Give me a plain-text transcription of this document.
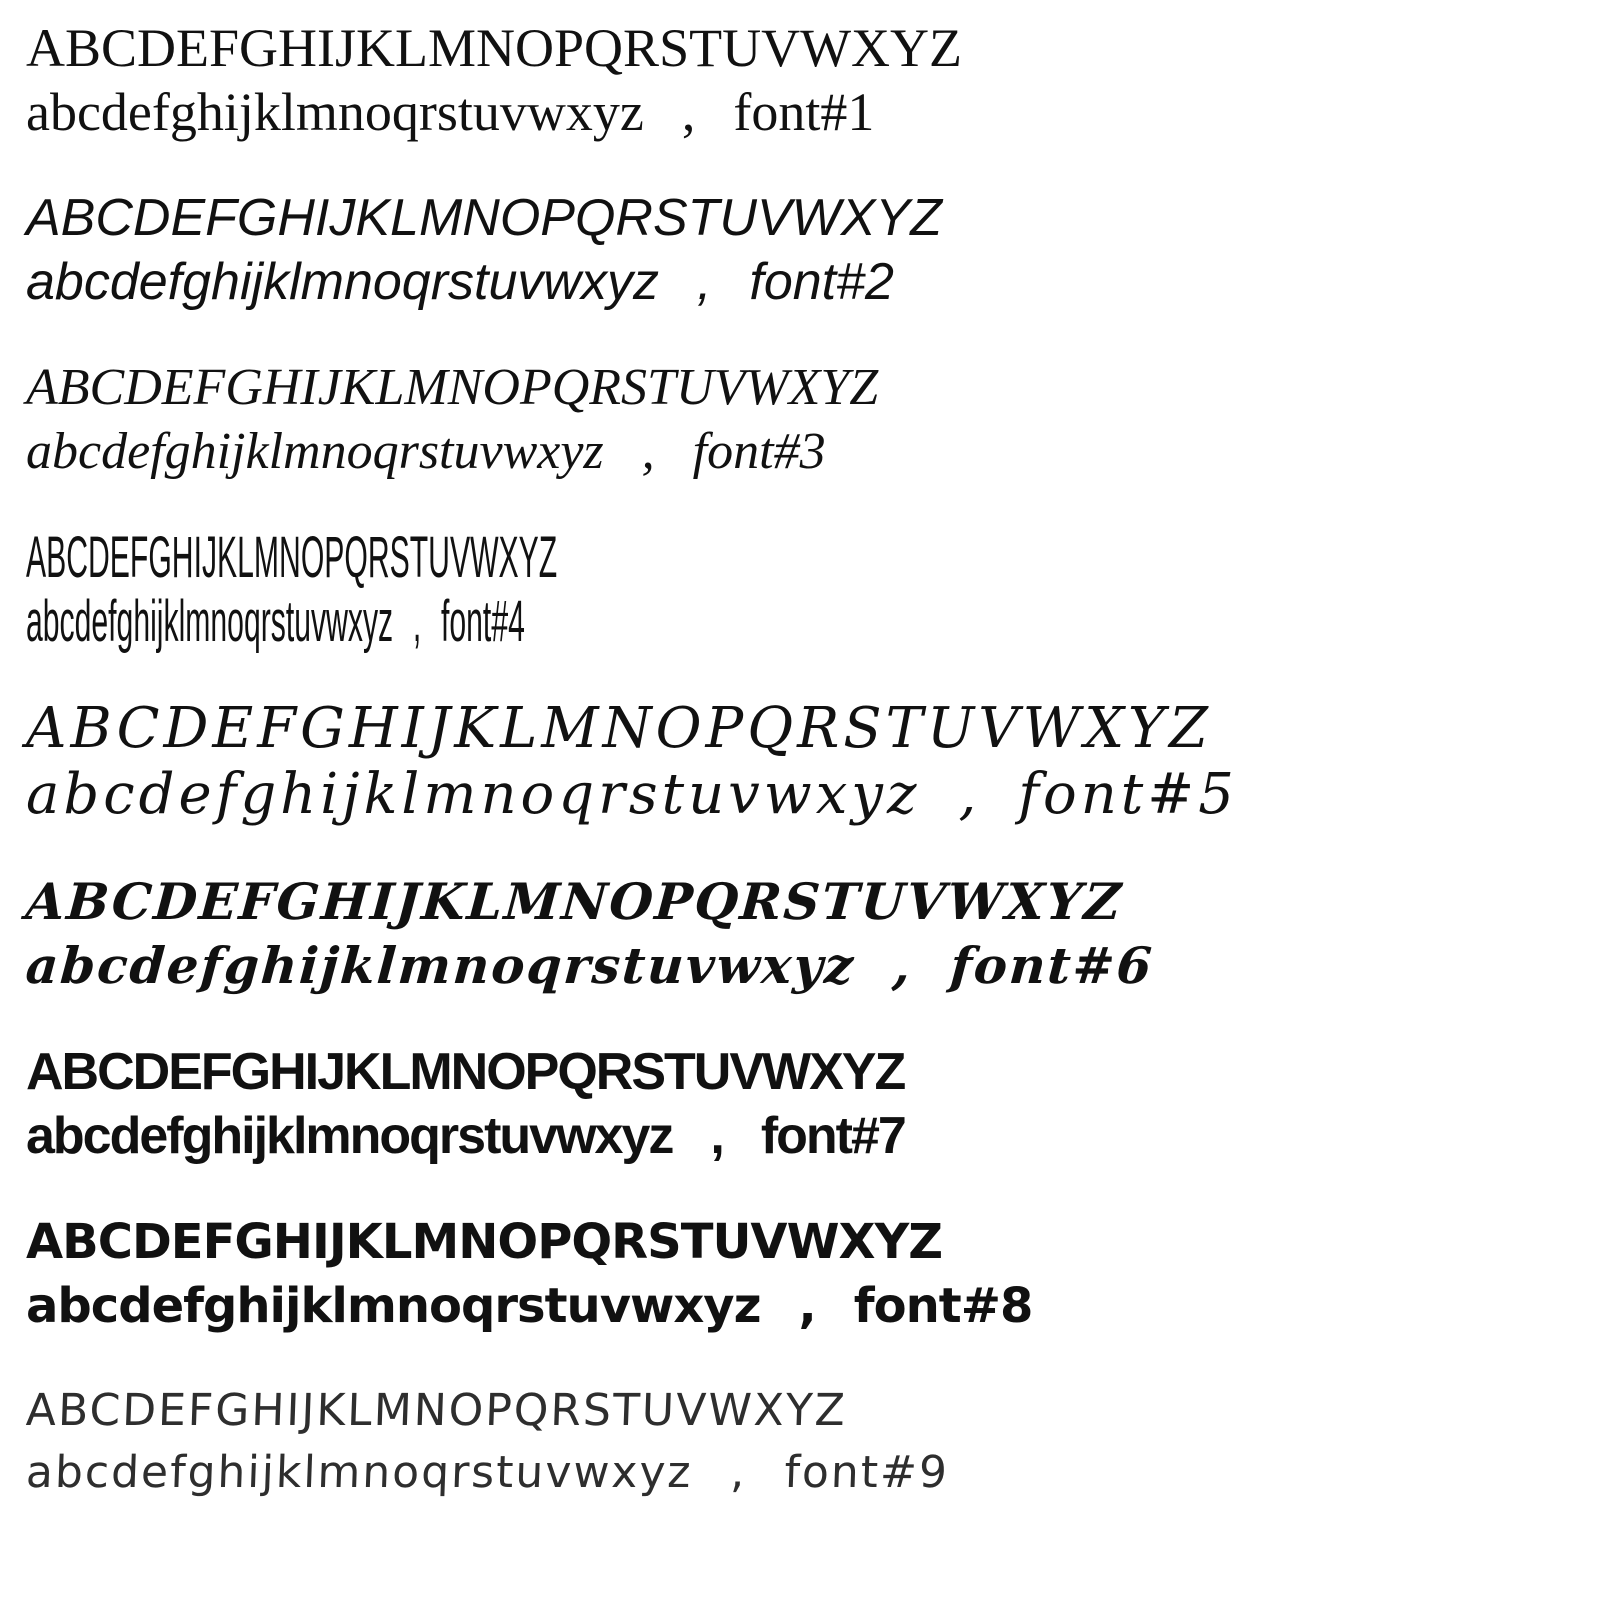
ABCDEFGHIJKLMNOPQRSTUVWXYZ
abcdefghijklmnoqrstuvwxyz , font#1
ABCDEFGHIJKLMNOPQRSTUVWXYZ
abcdefghijklmnoqrstuvwxyz , font#2
ABCDEFGHIJKLMNOPQRSTUVWXYZ
abcdefghijklmnoqrstuvwxyz , font#3
ABCDEFGHIJKLMNOPQRSTUVWXYZ
abcdefghijklmnoqrstuvwxyz , font#4
ABCDEFGHIJKLMNOPQRSTUVWXYZ
abcdefghijklmnoqrstuvwxyz , font#5
ABCDEFGHIJKLMNOPQRSTUVWXYZ
abcdefghijklmnoqrstuvwxyz , font#6
ABCDEFGHIJKLMNOPQRSTUVWXYZ
abcdefghijklmnoqrstuvwxyz , font#7
ABCDEFGHIJKLMNOPQRSTUVWXYZ
abcdefghijklmnoqrstuvwxyz , font#8
ABCDEFGHIJKLMNOPQRSTUVWXYZ
abcdefghijklmnoqrstuvwxyz , font#9
